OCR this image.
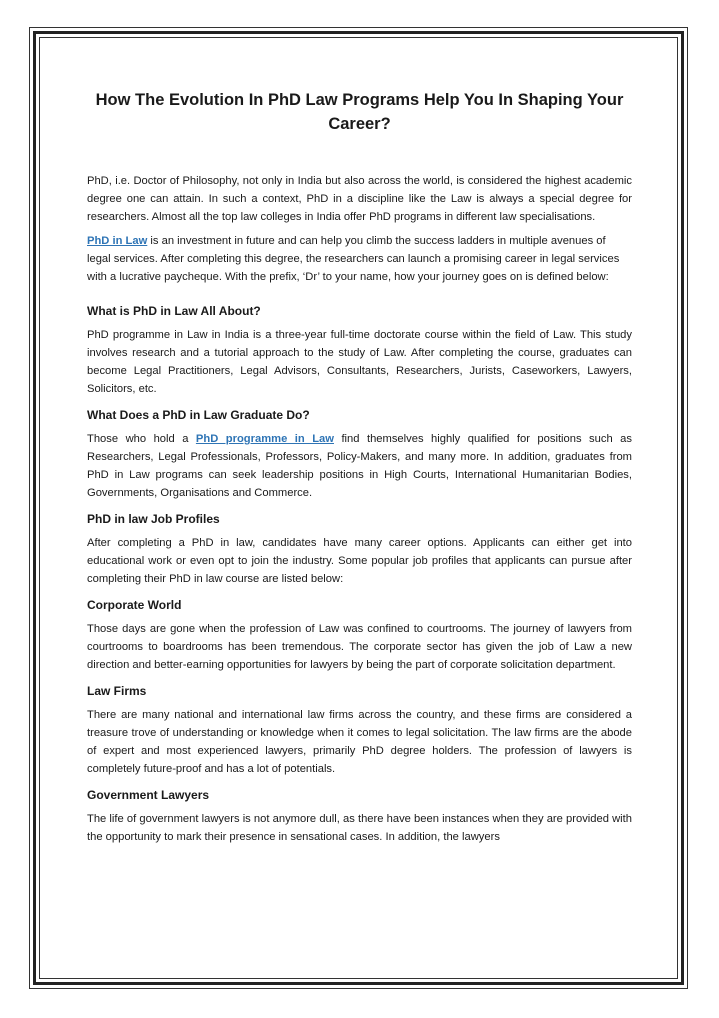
How The Evolution In PhD Law Programs Help You In Shaping Your Career?

PhD, i.e. Doctor of Philosophy, not only in India but also across the world, is considered the highest academic degree one can attain. In such a context, PhD in a discipline like the Law is always a special degree for researchers. Almost all the top law colleges in India offer PhD programs in different law specialisations.

PhD in Law is an investment in future and can help you climb the success ladders in multiple avenues of legal services. After completing this degree, the researchers can launch a promising career in legal services with a lucrative paycheque. With the prefix, ‘Dr’ to your name, how your journey goes on is defined below:

What is PhD in Law All About?

PhD programme in Law in India is a three-year full-time doctorate course within the field of Law. This study involves research and a tutorial approach to the study of Law. After completing the course, graduates can become Legal Practitioners, Legal Advisors, Consultants, Researchers, Jurists, Caseworkers, Lawyers, Solicitors, etc.

What Does a PhD in Law Graduate Do?

Those who hold a PhD programme in Law find themselves highly qualified for positions such as Researchers, Legal Professionals, Professors, Policy-Makers, and many more. In addition, graduates from PhD in Law programs can seek leadership positions in High Courts, International Humanitarian Bodies, Governments, Organisations and Commerce.

PhD in law Job Profiles

After completing a PhD in law, candidates have many career options. Applicants can either get into educational work or even opt to join the industry. Some popular job profiles that applicants can pursue after completing their PhD in law course are listed below:

Corporate World

Those days are gone when the profession of Law was confined to courtrooms. The journey of lawyers from courtrooms to boardrooms has been tremendous. The corporate sector has given the job of Law a new direction and better-earning opportunities for lawyers by being the part of corporate solicitation department.

Law Firms

There are many national and international law firms across the country, and these firms are considered a treasure trove of understanding or knowledge when it comes to legal solicitation. The law firms are the abode of expert and most experienced lawyers, primarily PhD degree holders. The profession of lawyers is completely future-proof and has a lot of potentials.

Government Lawyers

The life of government lawyers is not anymore dull, as there have been instances when they are provided with the opportunity to mark their presence in sensational cases. In addition, the lawyers
